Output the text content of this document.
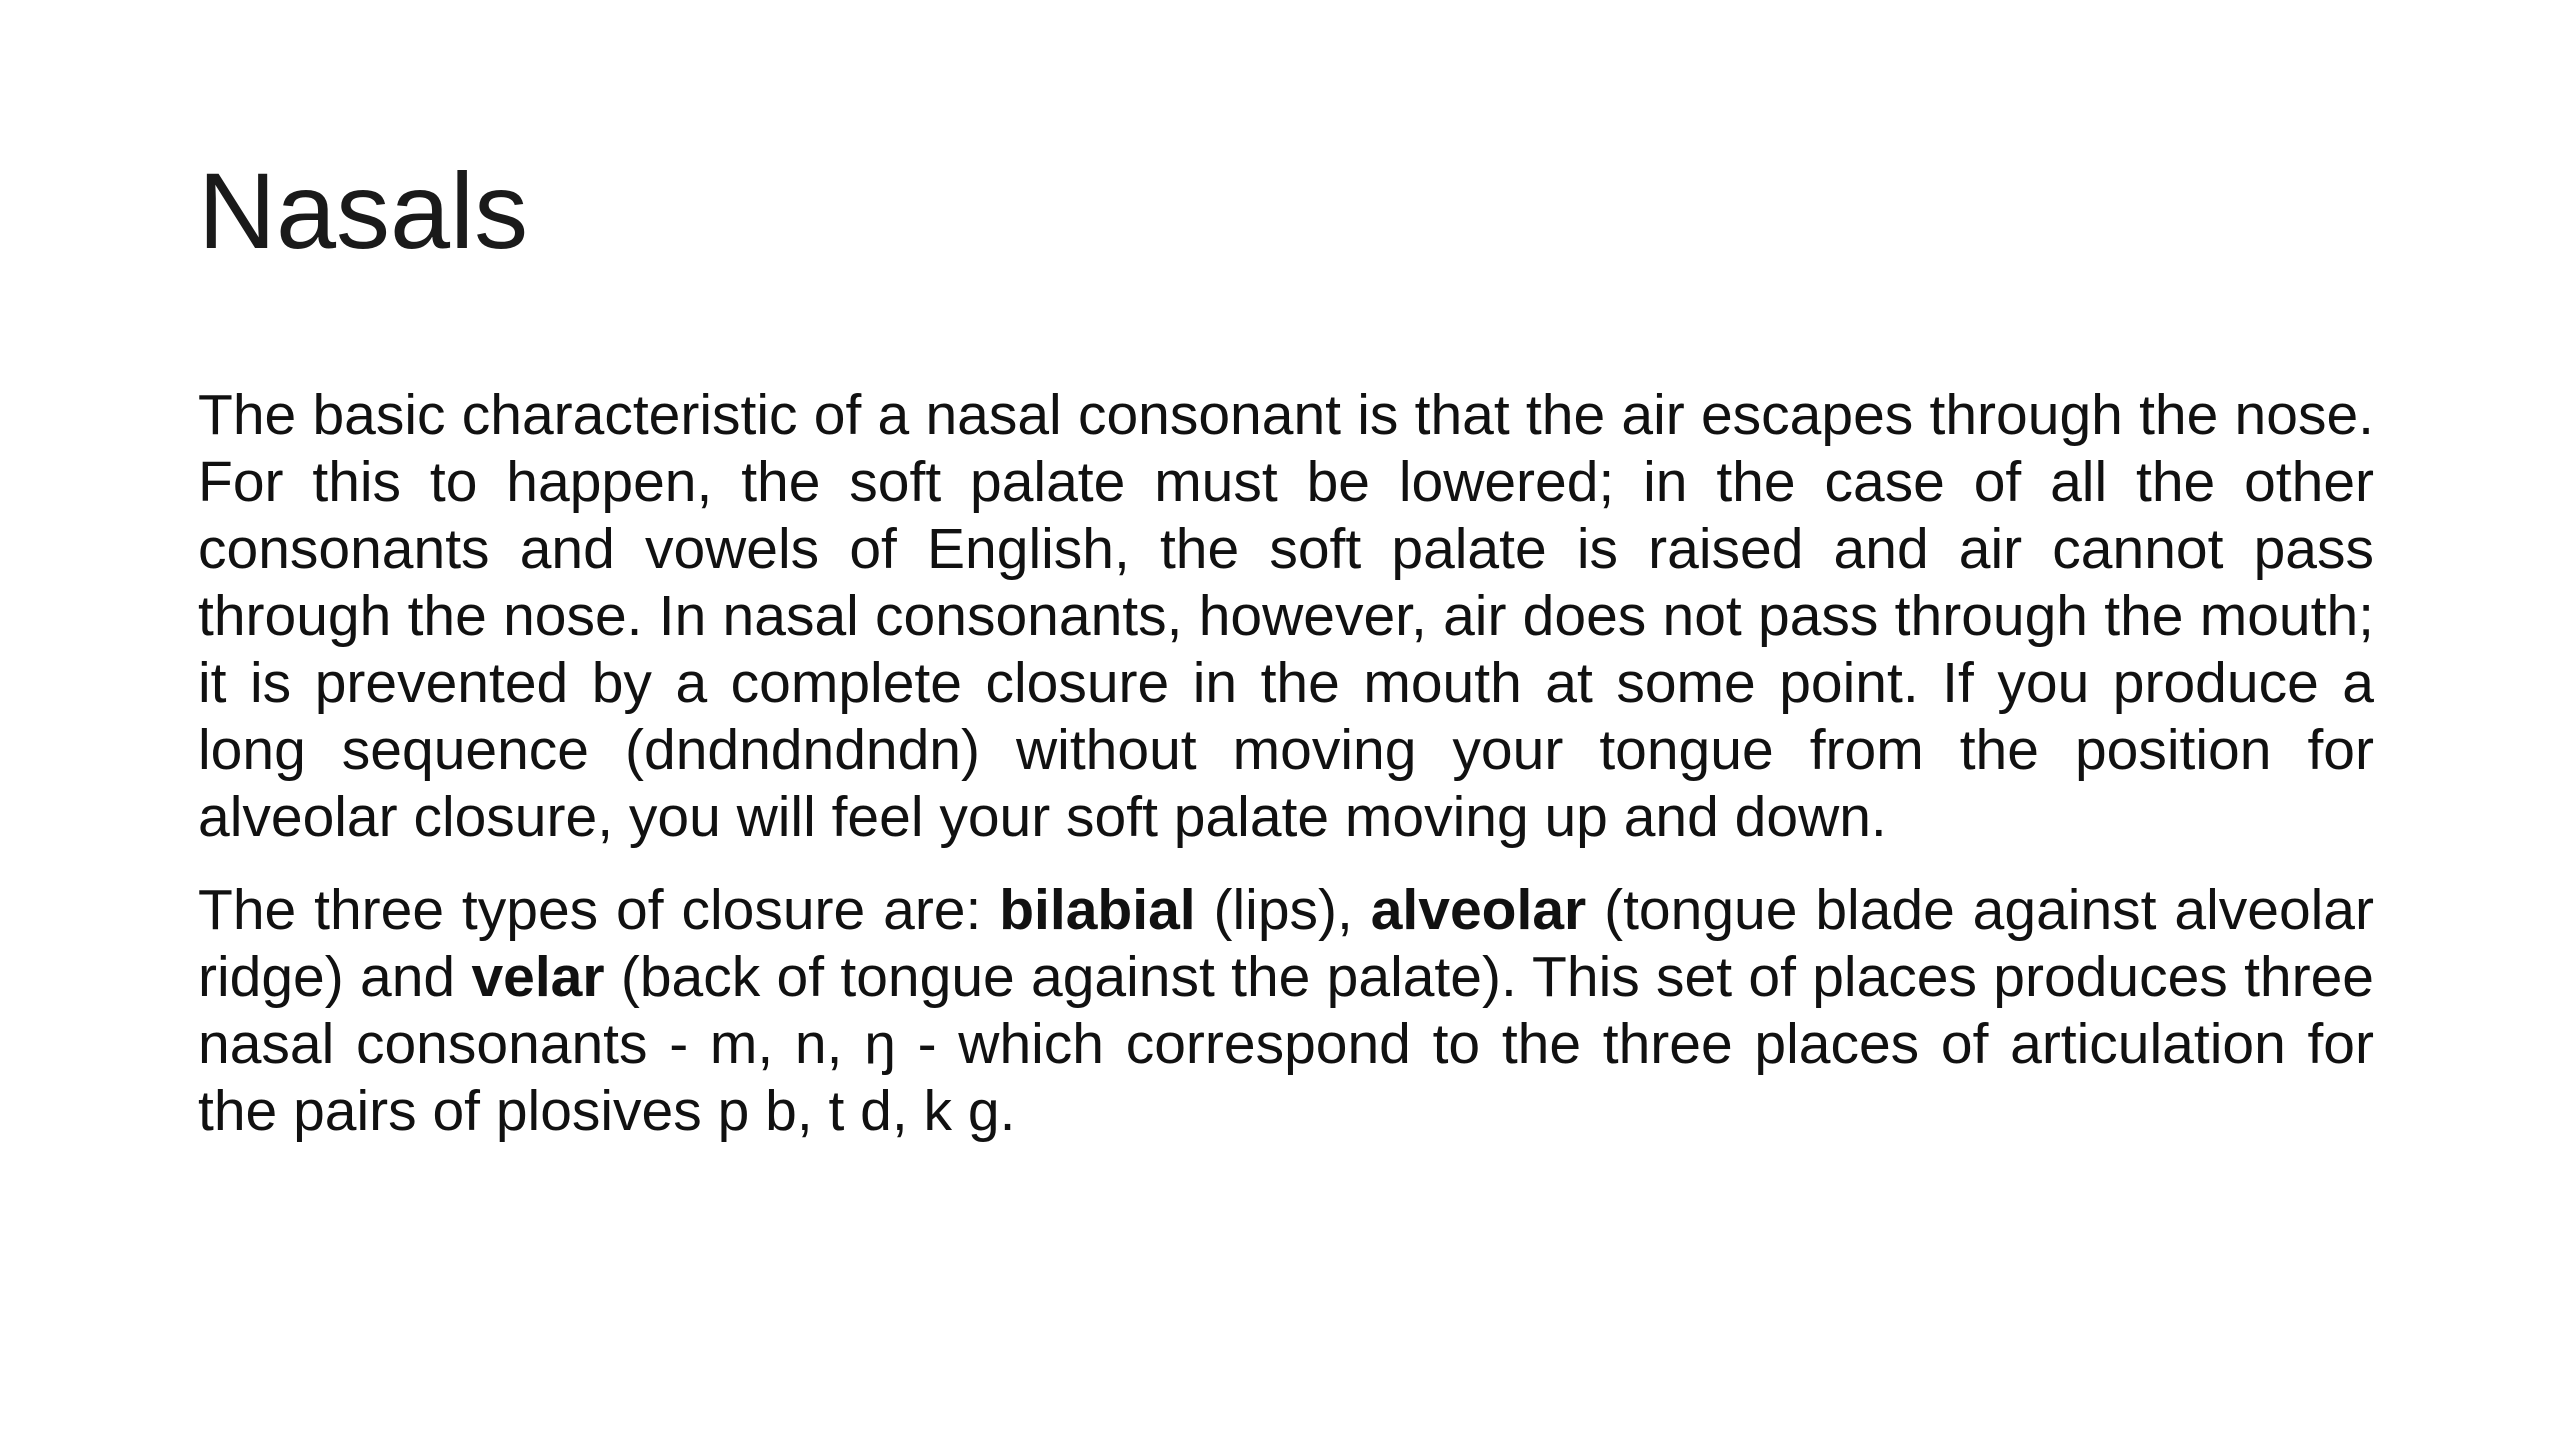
Nasals

The basic characteristic of a nasal consonant is that the air escapes through the nose. For this to happen, the soft palate must be lowered; in the case of all the other consonants and vowels of English, the soft palate is raised and air cannot pass through the nose. In nasal consonants, however, air does not pass through the mouth; it is prevented by a complete closure in the mouth at some point. If you produce a long sequence (dndndndndn) without moving your tongue from the position for alveolar closure, you will feel your soft palate moving up and down.

The three types of closure are: bilabial (lips), alveolar (tongue blade against alveolar ridge) and velar (back of tongue against the palate). This set of places produces three nasal consonants - m, n, ŋ - which correspond to the three places of articulation for the pairs of plosives p b, t d, k g.
